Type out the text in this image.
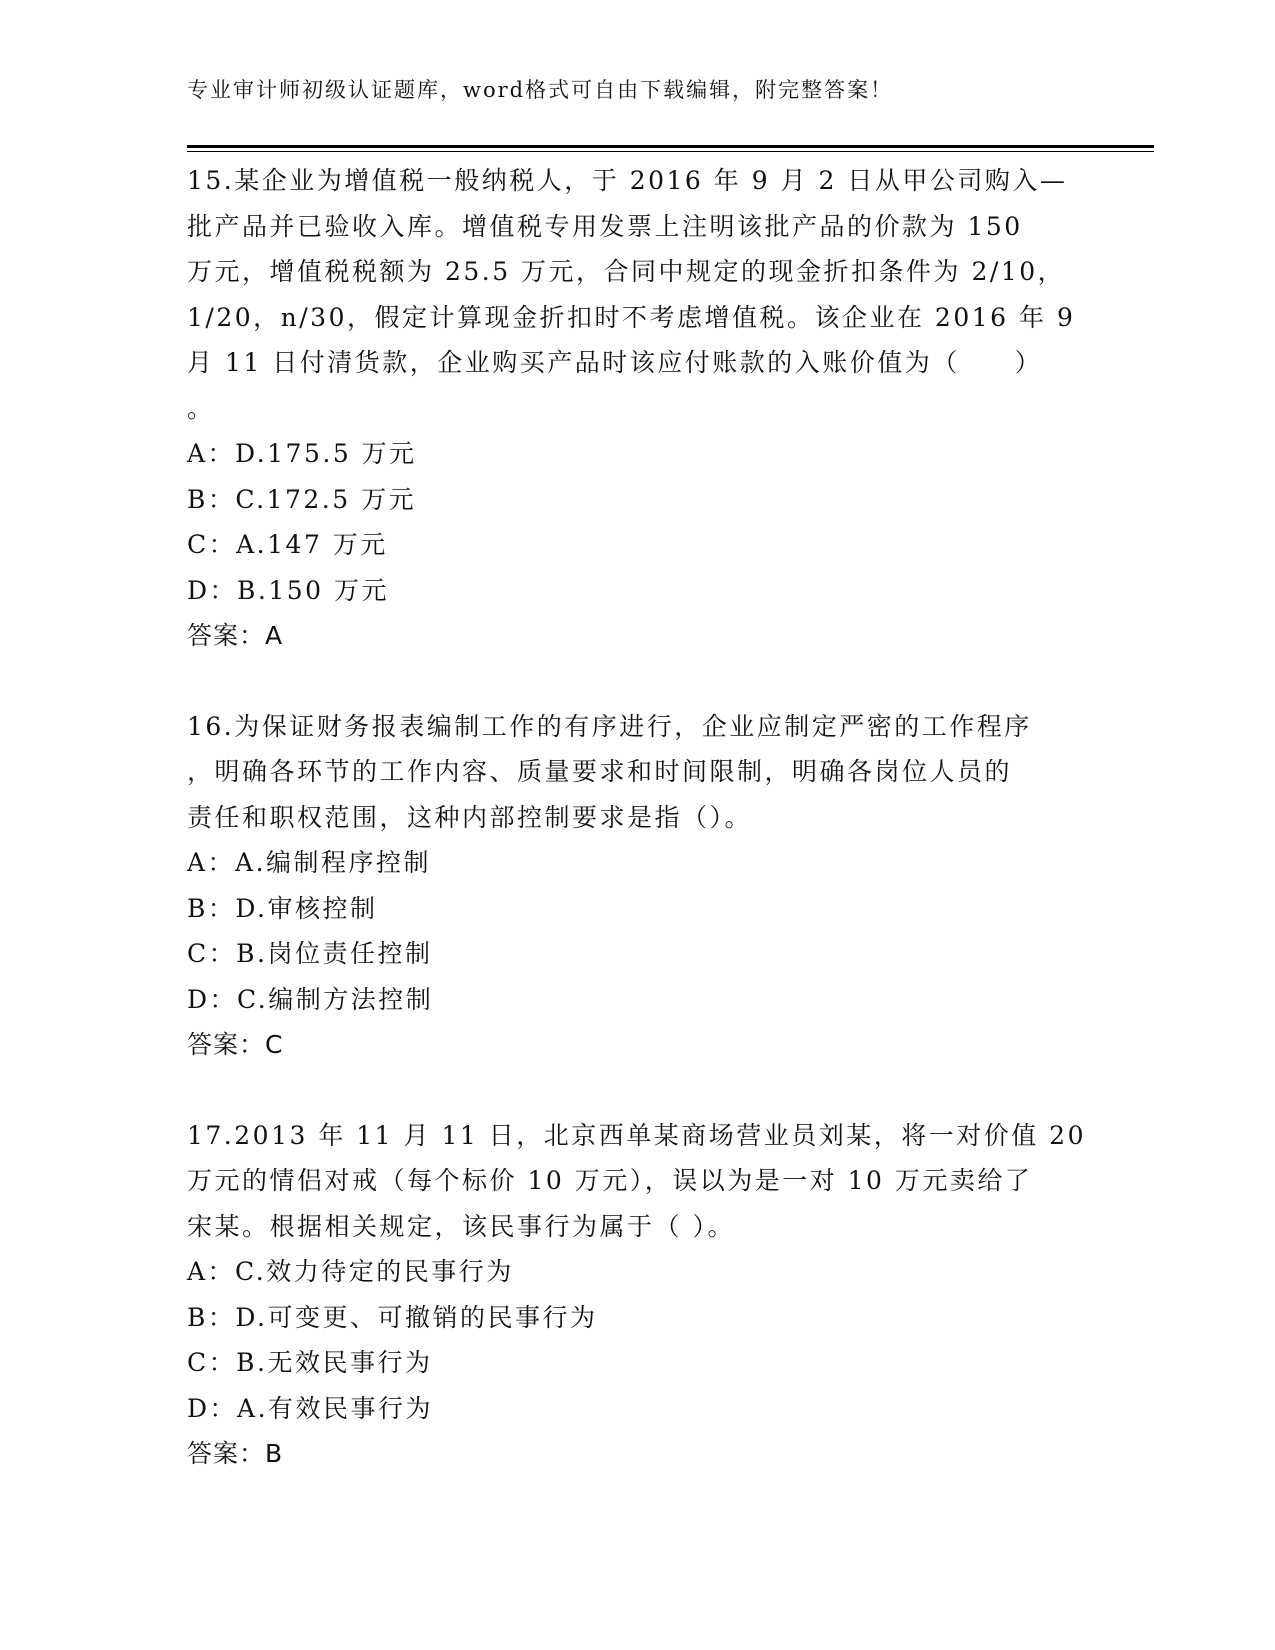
专业审计师初级认证题库，word格式可自由下载编辑，附完整答案！

15.某企业为增值税一般纳税人，于 2016 年 9 月 2 日从甲公司购入—
批产品并已验收入库。增值税专用发票上注明该批产品的价款为 150
万元，增值税税额为 25.5 万元，合同中规定的现金折扣条件为 2/10，
1/20，n/30，假定计算现金折扣时不考虑增值税。该企业在 2016 年 9
月 11 日付清货款，企业购买产品时该应付账款的入账价值为（　　）
。

A：D.175.5 万元
B：C.172.5 万元
C：A.147 万元
D：B.150 万元
答案：A

16.为保证财务报表编制工作的有序进行，企业应制定严密的工作程序
，明确各环节的工作内容、质量要求和时间限制，明确各岗位人员的
责任和职权范围，这种内部控制要求是指（）。

A：A.编制程序控制
B：D.审核控制
C：B.岗位责任控制
D：C.编制方法控制
答案：C

17.2013 年 11 月 11 日，北京西单某商场营业员刘某，将一对价值 20
万元的情侣对戒（每个标价 10 万元），误以为是一对 10 万元卖给了
宋某。根据相关规定，该民事行为属于（ ）。

A：C.效力待定的民事行为
B：D.可变更、可撤销的民事行为
C：B.无效民事行为
D：A.有效民事行为
答案：B
